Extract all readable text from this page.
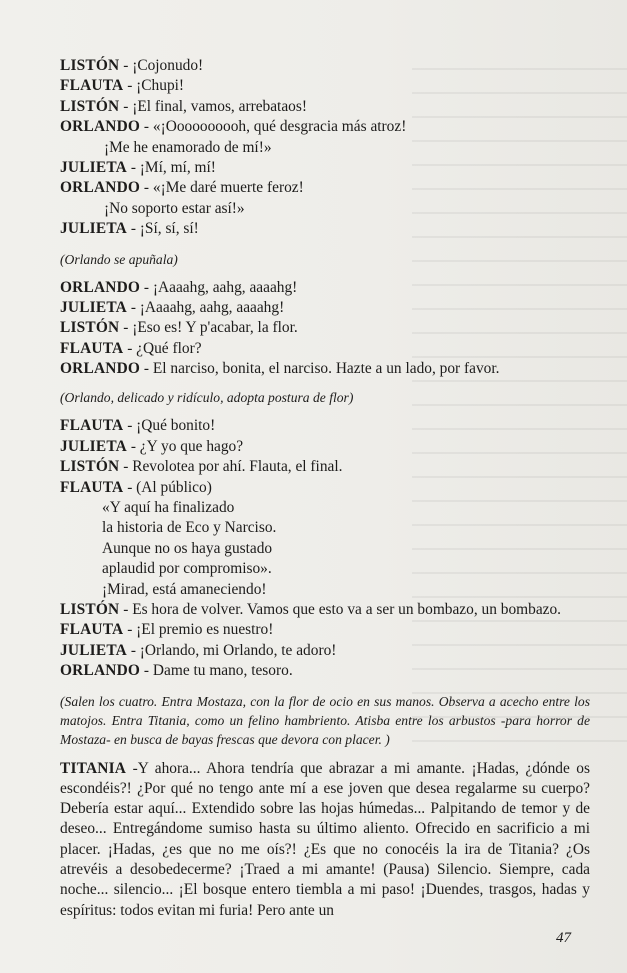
LISTÓN - ¡Cojonudo!
FLAUTA - ¡Chupi!
LISTÓN - ¡El final, vamos, arrebataos!
ORLANDO - «¡Oooooooooh, qué desgracia más atroz!
¡Me he enamorado de mí!»
JULIETA - ¡Mí, mí, mí!
ORLANDO - «¡Me daré muerte feroz!
¡No soporto estar así!»
JULIETA - ¡Sí, sí, sí!
(Orlando se apuñala)
ORLANDO - ¡Aaaahg, aahg, aaaahg!
JULIETA - ¡Aaaahg, aahg, aaaahg!
LISTÓN - ¡Eso es! Y p'acabar, la flor.
FLAUTA - ¿Qué flor?
ORLANDO - El narciso, bonita, el narciso. Hazte a un lado, por favor.
(Orlando, delicado y ridículo, adopta postura de flor)
FLAUTA - ¡Qué bonito!
JULIETA - ¿Y yo que hago?
LISTÓN - Revolotea por ahí. Flauta, el final.
FLAUTA - (Al público)
«Y aquí ha finalizado
la historia de Eco y Narciso.
Aunque no os haya gustado
aplaudid por compromiso».
¡Mirad, está amaneciendo!
LISTÓN - Es hora de volver. Vamos que esto va a ser un bombazo, un bombazo.
FLAUTA - ¡El premio es nuestro!
JULIETA - ¡Orlando, mi Orlando, te adoro!
ORLANDO - Dame tu mano, tesoro.
(Salen los cuatro. Entra Mostaza, con la flor de ocio en sus manos. Observa a acecho entre los matojos. Entra Titania, como un felino hambriento. Atisba entre los arbustos -para horror de Mostaza- en busca de bayas frescas que devora con placer. )
TITANIA -Y ahora... Ahora tendría que abrazar a mi amante. ¡Hadas, ¿dónde os escondéis?! ¿Por qué no tengo ante mí a ese joven que desea regalarme su cuerpo? Debería estar aquí... Extendido sobre las hojas húmedas... Palpitando de temor y de deseo... Entregándome sumiso hasta su último aliento. Ofrecido en sacrificio a mi placer. ¡Hadas, ¿es que no me oís?! ¿Es que no conocéis la ira de Titania? ¿Os atrevéis a desobedecerme? ¡Traed a mi amante! (Pausa) Silencio. Siempre, cada noche... silencio... ¡El bosque entero tiembla a mi paso! ¡Duendes, trasgos, hadas y espíritus: todos evitan mi furia! Pero ante un
47
